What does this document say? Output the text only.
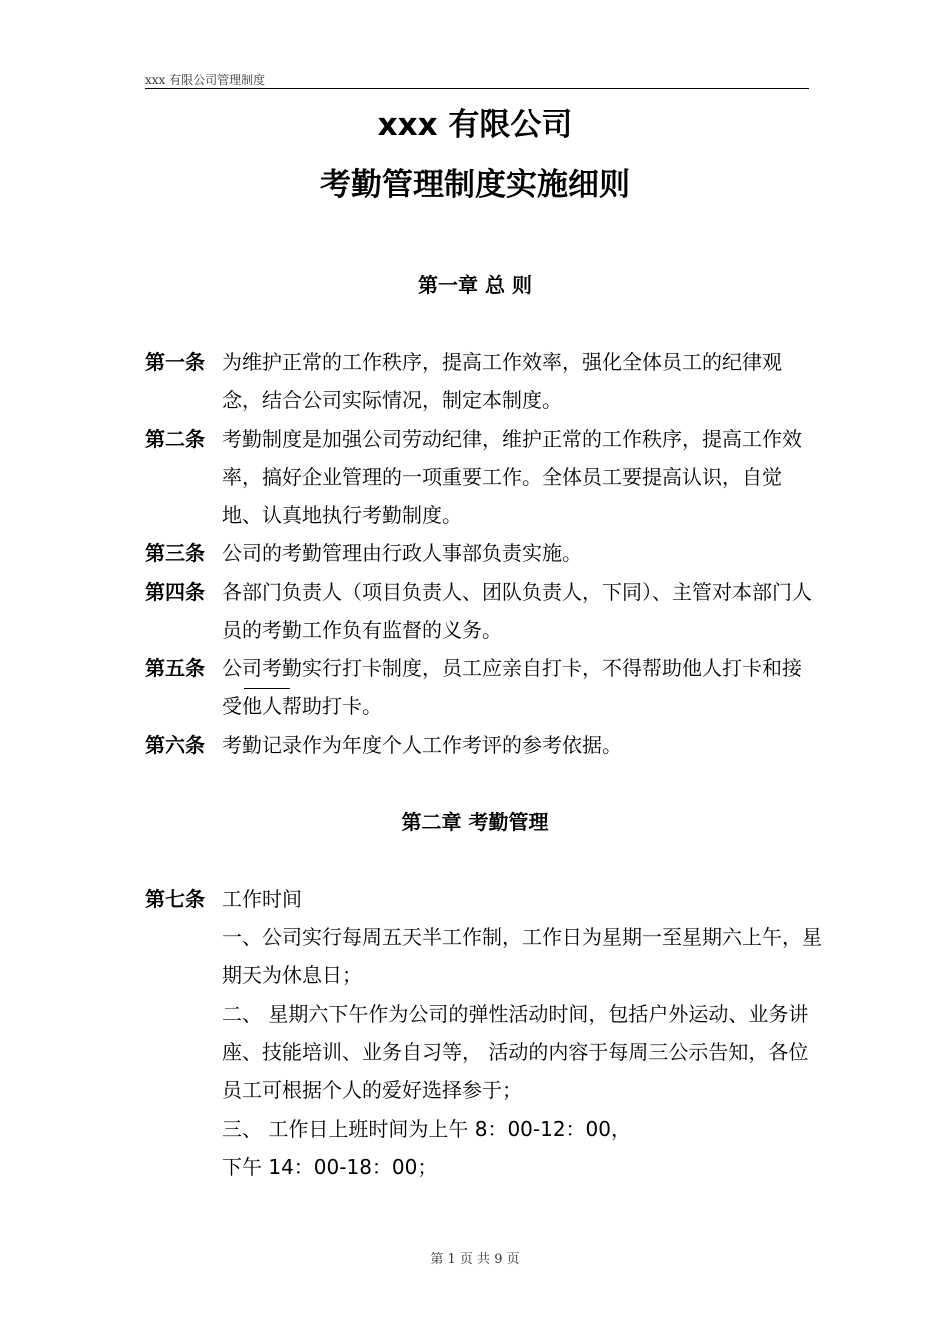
xxx 有限公司管理制度
xxx 有限公司
考勤管理制度实施细则
第一章 总 则
第一条 为维护正常的工作秩序，提高工作效率，强化全体员工的纪律观念，结合公司实际情况，制定本制度。
第二条 考勤制度是加强公司劳动纪律，维护正常的工作秩序，提高工作效率，搞好企业管理的一项重要工作。全体员工要提高认识，自觉地、认真地执行考勤制度。
第三条 公司的考勤管理由行政人事部负责实施。
第四条 各部门负责人（项目负责人、团队负责人，下同）、主管对本部门人员的考勤工作负有监督的义务。
第五条 公司考勤实行打卡制度，员工应亲自打卡，不得帮助他人打卡和接受他人帮助打卡。
第六条 考勤记录作为年度个人工作考评的参考依据。
第二章 考勤管理
第七条 工作时间
一、公司实行每周五天半工作制，工作日为星期一至星期六上午，星期天为休息日；
二、 星期六下午作为公司的弹性活动时间，包括户外运动、业务讲座、技能培训、业务自习等， 活动的内容于每周三公示告知，各位员工可根据个人的爱好选择参于；
三、 工作日上班时间为上午 8：00-12：00，
下午 14：00-18：00；
第 1 页 共 9 页
